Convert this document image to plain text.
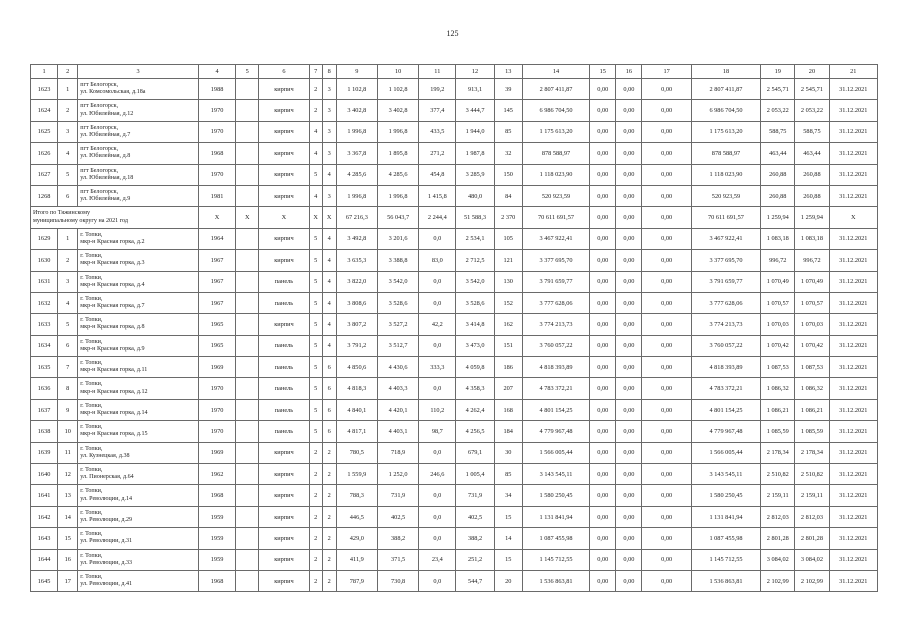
125
1	2	3	4	5	6	7	8	9	10	11	12	13	14	15	16	17	18	19	20	21
1623	1	пгт Белогорск,
ул. Комсомольская, д.18а	1988		кирпич	2	3	1 102,8	1 102,8	199,2	913,1	39	2 807 411,87	0,00	0,00	0,00	2 807 411,87	2 545,71	2 545,71	31.12.2021
1624	2	пгт Белогорск,
ул. Юбилейная, д.12	1970		кирпич	2	3	3 402,8	3 402,8	377,4	3 444,7	145	6 986 704,50	0,00	0,00	0,00	6 986 704,50	2 053,22	2 053,22	31.12.2021
1625	3	пгт Белогорск,
ул. Юбилейная, д.7	1970		кирпич	4	3	1 996,8	1 996,8	433,5	1 944,0	85	1 175 613,20	0,00	0,00	0,00	1 175 613,20	588,75	588,75	31.12.2021
1626	4	пгт Белогорск,
ул. Юбилейная, д.8	1968		кирпич	4	3	3 367,8	1 895,8	271,2	1 987,8	32	878 588,97	0,00	0,00	0,00	878 588,97	463,44	463,44	31.12.2021
1627	5	пгт Белогорск,
ул. Юбилейная, д.18	1970		кирпич	5	4	4 285,6	4 285,6	454,8	3 285,9	150	1 118 023,90	0,00	0,00	0,00	1 118 023,90	260,88	260,88	31.12.2021
1268	6	пгт Белогорск,
ул. Юбилейная, д.9	1981		кирпич	4	3	1 996,8	1 996,8	1 415,8	480,0	84	520 923,59	0,00	0,00	0,00	520 923,59	260,88	260,88	31.12.2021
Итого по Тяжинскому
муниципальному округу на 2021 год			X	X	X	X	X	67 216,3	56 043,7	2 244,4	51 588,3	2 370	70 611 691,57	0,00	0,00	0,00	70 611 691,57	1 259,94	1 259,94	X
1629	1	г. Топки,
мкр-н Красная горка, д.2	1964		кирпич	5	4	3 492,8	3 201,6	0,0	2 534,1	105	3 467 922,41	0,00	0,00	0,00	3 467 922,41	1 083,18	1 083,18	31.12.2021
1630	2	г. Топки,
мкр-н Красная горка, д.3	1967		кирпич	5	4	3 635,3	3 388,8	83,0	2 712,5	121	3 377 695,70	0,00	0,00	0,00	3 377 695,70	996,72	996,72	31.12.2021
1631	3	г. Топки,
мкр-н Красная горка, д.4	1967		панель	5	4	3 822,0	3 542,0	0,0	3 542,0	130	3 791 659,77	0,00	0,00	0,00	3 791 659,77	1 070,49	1 070,49	31.12.2021
1632	4	г. Топки,
мкр-н Красная горка, д.7	1967		панель	5	4	3 808,6	3 528,6	0,0	3 528,6	152	3 777 628,06	0,00	0,00	0,00	3 777 628,06	1 070,57	1 070,57	31.12.2021
1633	5	г. Топки,
мкр-н Красная горка, д.8	1965		кирпич	5	4	3 807,2	3 527,2	42,2	3 414,8	162	3 774 213,73	0,00	0,00	0,00	3 774 213,73	1 070,03	1 070,03	31.12.2021
1634	6	г. Топки,
мкр-н Красная горка, д.9	1965		панель	5	4	3 791,2	3 512,7	0,0	3 473,0	151	3 760 057,22	0,00	0,00	0,00	3 760 057,22	1 070,42	1 070,42	31.12.2021
1635	7	г. Топки,
мкр-н Красная горка, д.11	1969		панель	5	6	4 850,6	4 430,6	333,3	4 059,8	186	4 818 393,89	0,00	0,00	0,00	4 818 393,89	1 087,53	1 087,53	31.12.2021
1636	8	г. Топки,
мкр-н Красная горка, д.12	1970		панель	5	6	4 818,3	4 403,3	0,0	4 358,3	207	4 783 372,21	0,00	0,00	0,00	4 783 372,21	1 086,32	1 086,32	31.12.2021
1637	9	г. Топки,
мкр-н Красная горка, д.14	1970		панель	5	6	4 840,1	4 420,1	110,2	4 262,4	168	4 801 154,25	0,00	0,00	0,00	4 801 154,25	1 086,21	1 086,21	31.12.2021
1638	10	г. Топки,
мкр-н Красная горка, д.15	1970		панель	5	6	4 817,1	4 403,1	98,7	4 256,5	184	4 779 967,48	0,00	0,00	0,00	4 779 967,48	1 085,59	1 085,59	31.12.2021
1639	11	г. Топки,
ул. Кузнецкая, д.38	1969		кирпич	2	2	780,5	718,9	0,0	679,1	30	1 566 005,44	0,00	0,00	0,00	1 566 005,44	2 178,34	2 178,34	31.12.2021
1640	12	г. Топки,
ул. Пионерская, д.64	1962		кирпич	2	2	1 559,9	1 252,0	246,6	1 005,4	85	3 143 545,11	0,00	0,00	0,00	3 143 545,11	2 510,82	2 510,82	31.12.2021
1641	13	г. Топки,
ул. Революции, д.14	1968		кирпич	2	2	788,3	731,9	0,0	731,9	34	1 580 250,45	0,00	0,00	0,00	1 580 250,45	2 159,11	2 159,11	31.12.2021
1642	14	г. Топки,
ул. Революции, д.29	1959		кирпич	2	2	446,5	402,5	0,0	402,5	15	1 131 841,94	0,00	0,00	0,00	1 131 841,94	2 812,03	2 812,03	31.12.2021
1643	15	г. Топки,
ул. Революции, д.31	1959		кирпич	2	2	429,0	388,2	0,0	388,2	14	1 087 455,98	0,00	0,00	0,00	1 087 455,98	2 801,28	2 801,28	31.12.2021
1644	16	г. Топки,
ул. Революции, д.33	1959		кирпич	2	2	411,9	371,5	23,4	251,2	15	1 145 712,55	0,00	0,00	0,00	1 145 712,55	3 084,02	3 084,02	31.12.2021
1645	17	г. Топки,
ул. Революции, д.41	1968		кирпич	2	2	787,9	730,8	0,0	544,7	20	1 536 863,81	0,00	0,00	0,00	1 536 863,81	2 102,99	2 102,99	31.12.2021
